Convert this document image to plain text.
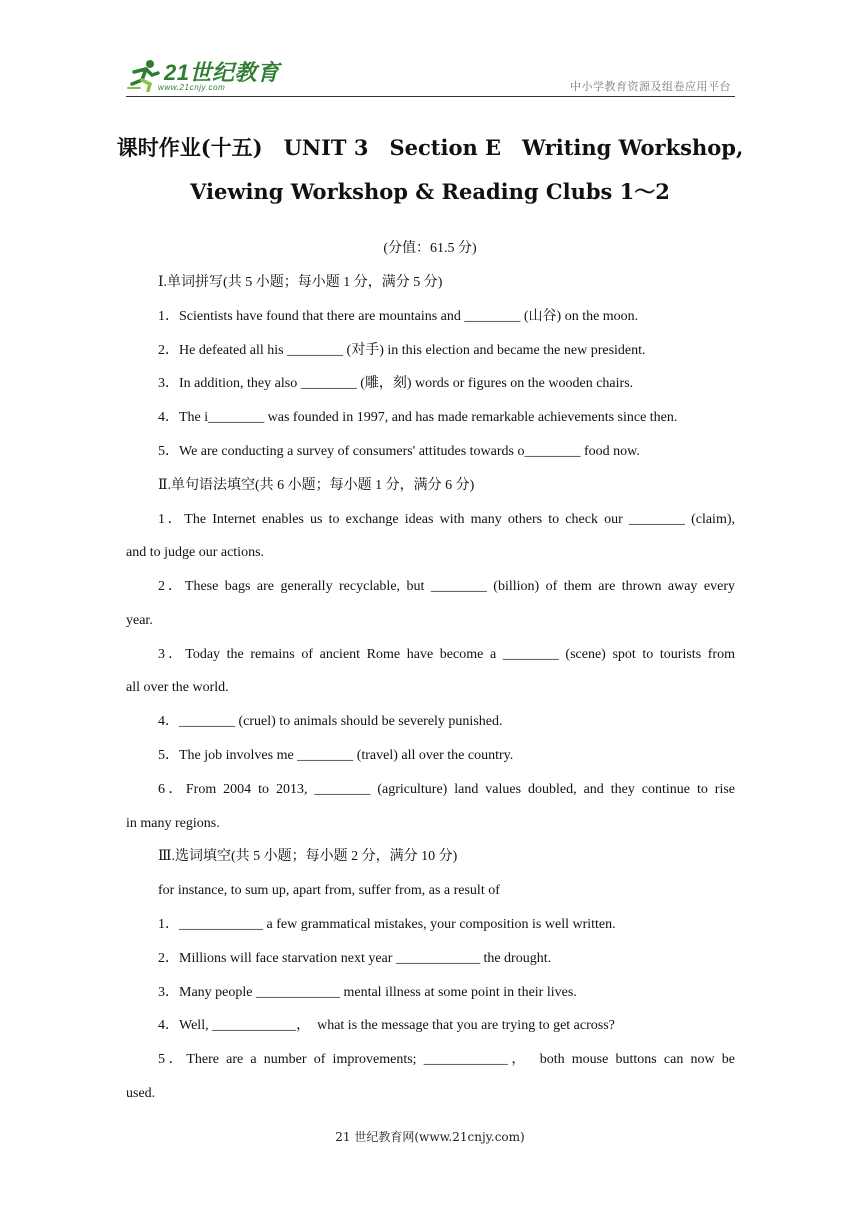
21世纪教育
www.21cnjy.com	中小学教育资源及组卷应用平台
课时作业(十五)　UNIT 3　Section E　Writing Workshop,
Viewing Workshop & Reading Clubs 1～2
(分值：61.5 分)
Ⅰ.单词拼写(共 5 小题；每小题 1 分，满分 5 分)
1．Scientists have found that there are mountains and ________ (山谷) on the moon.
2．He defeated all his ________ (对手) in this election and became the new president.
3．In addition, they also ________ (雕，刻) words or figures on the wooden chairs.
4．The i________ was founded in 1997, and has made remarkable achievements since then.
5．We are conducting a survey of consumers' attitudes towards o________ food now.
Ⅱ.单句语法填空(共 6 小题；每小题 1 分，满分 6 分)
1．The Internet enables us to exchange ideas with many others to check our ________ (claim),
and to judge our actions.
2．These bags are generally recyclable, but ________ (billion) of them are thrown away every
year.
3．Today the remains of ancient Rome have become a ________ (scene) spot to tourists from
all over the world.
4．________ (cruel) to animals should be severely punished.
5．The job involves me ________ (travel) all over the country.
6．From 2004 to 2013, ________ (agriculture) land values doubled, and they continue to rise
in many regions.
Ⅲ.选词填空(共 5 小题；每小题 2 分，满分 10 分)
for instance, to sum up, apart from, suffer from, as a result of
1．____________ a few grammatical mistakes, your composition is well written.
2．Millions will face starvation next year ____________ the drought.
3．Many people ____________ mental illness at some point in their lives.
4．Well, ____________，　what is the message that you are trying to get across?
5．There are a number of improvements; ____________，　both mouse buttons can now be
used.
21 世纪教育网(www.21cnjy.com)
